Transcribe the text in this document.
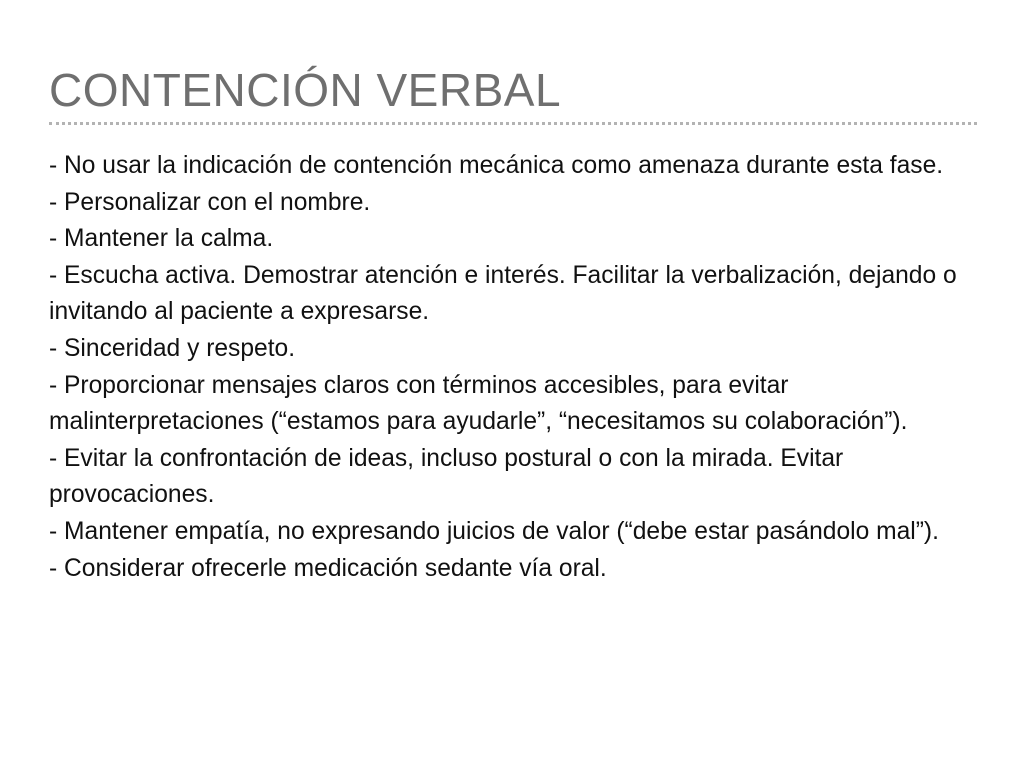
CONTENCIÓN VERBAL
- No usar la indicación de contención mecánica como amenaza durante esta fase.
- Personalizar con el nombre.
- Mantener la calma.
- Escucha activa. Demostrar atención e interés. Facilitar la verbalización, dejando o invitando al paciente a expresarse.
- Sinceridad y respeto.
- Proporcionar mensajes claros con términos accesibles, para evitar malinterpretaciones (“estamos para ayudarle”, “necesitamos su colaboración”).
- Evitar la confrontación de ideas, incluso postural o con la mirada. Evitar provocaciones.
- Mantener empatía, no expresando juicios de valor (“debe estar pasándolo mal”).
- Considerar ofrecerle medicación sedante vía oral.
